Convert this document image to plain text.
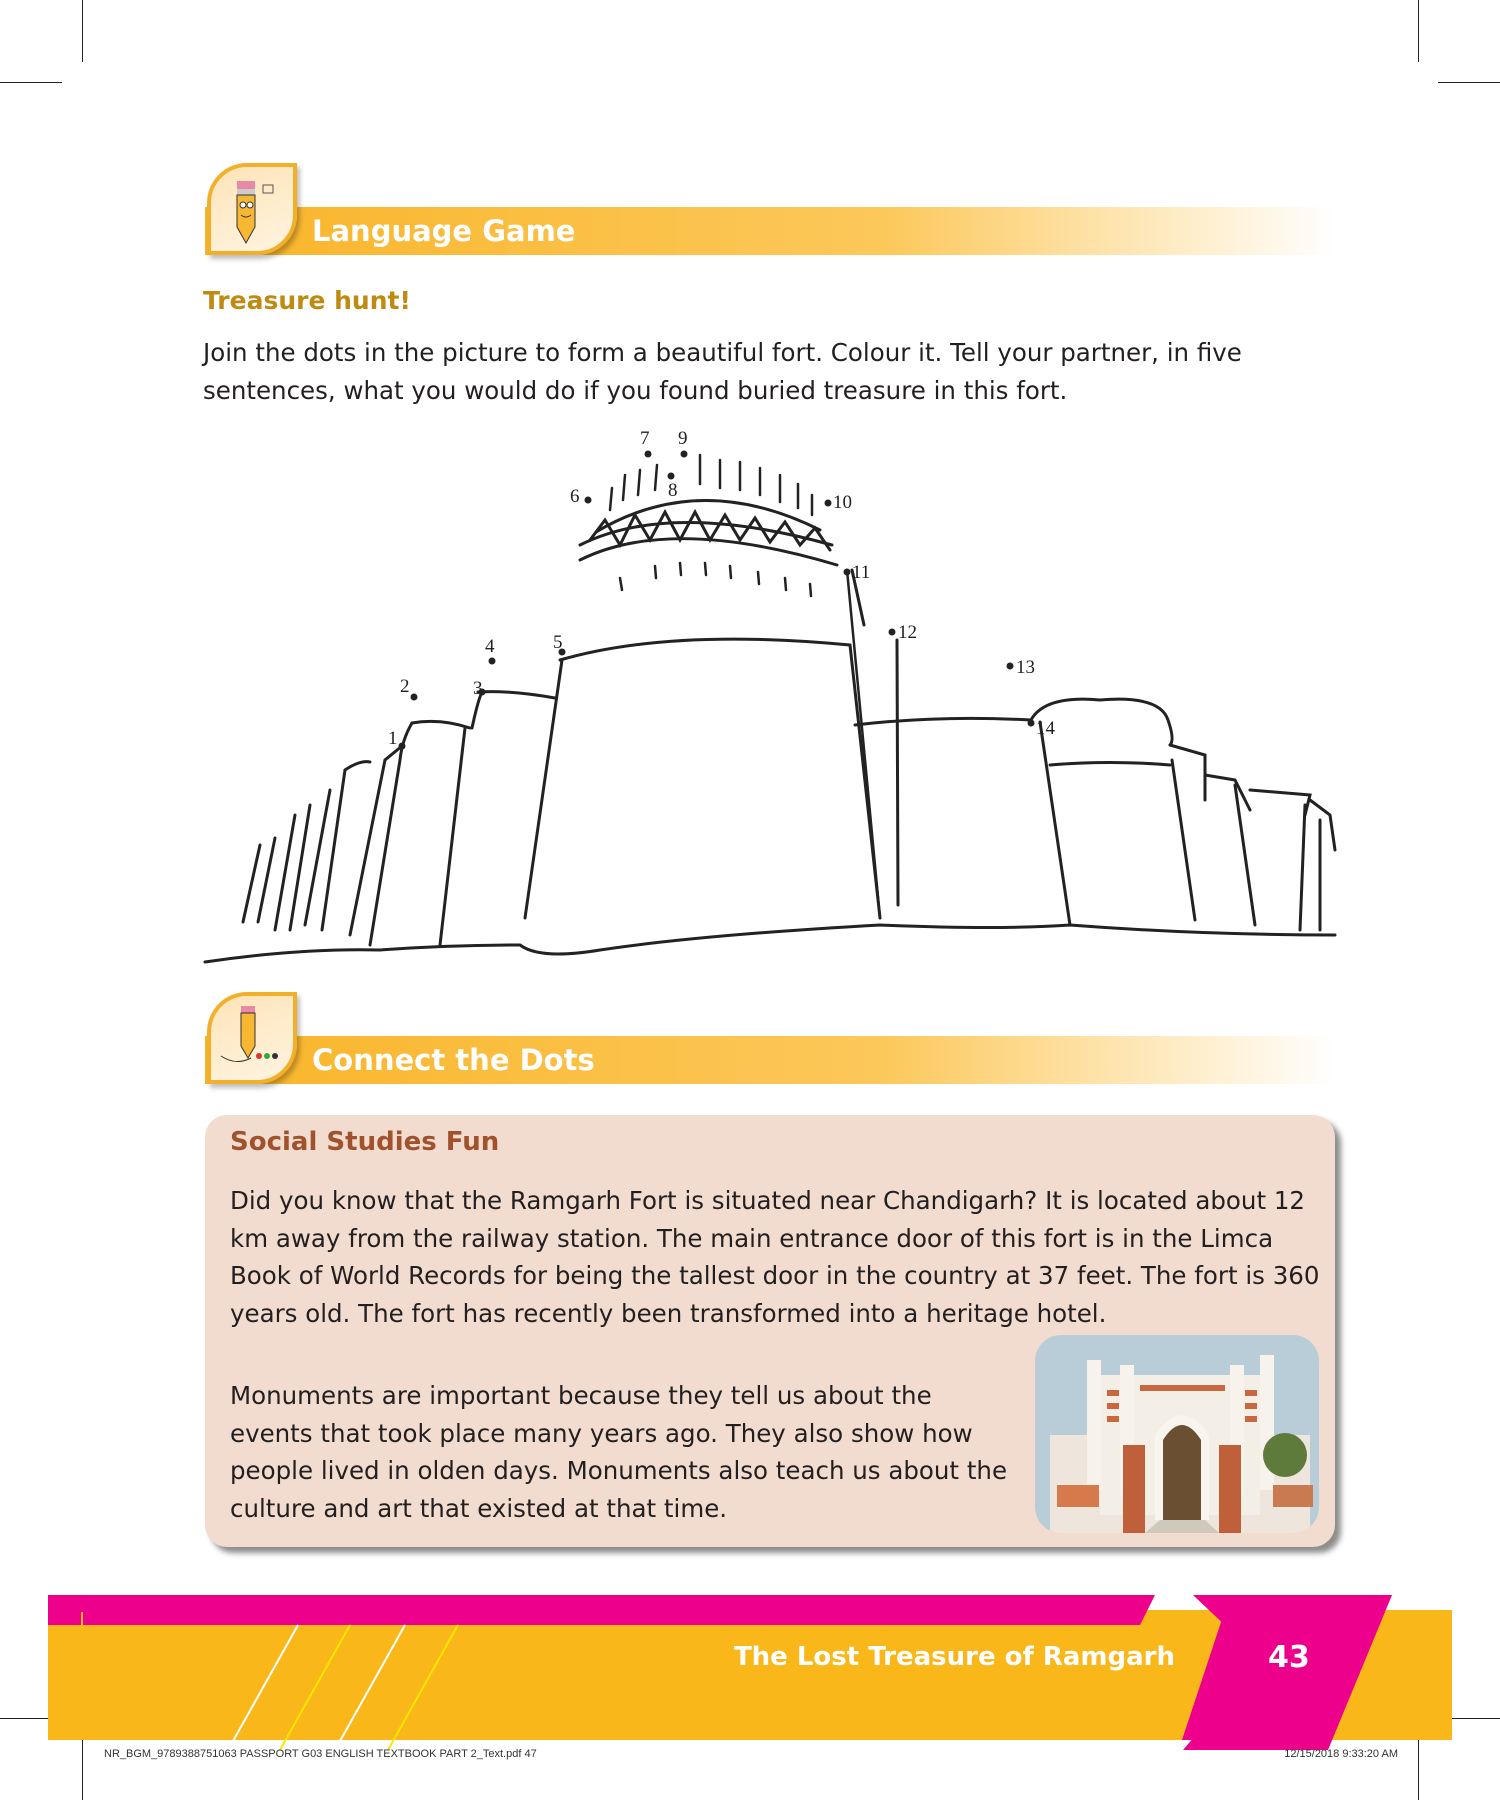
Language Game
Treasure hunt!
Join the dots in the picture to form a beautiful fort. Colour it. Tell your partner, in five sentences, what you would do if you found buried treasure in this fort.
1
2	3
4	5
6
7
8
9
10
11
12
13
14
Connect the Dots
Social Studies Fun
Did you know that the Ramgarh Fort is situated near Chandigarh? It is located about 12 km away from the railway station. The main entrance door of this fort is in the Limca Book of World Records for being the tallest door in the country at 37 feet. The fort is 360 years old. The fort has recently been transformed into a heritage hotel.
Monuments are important because they tell us about the events that took place many years ago. They also show how people lived in olden days. Monuments also teach us about the culture and art that existed at that time.
The Lost Treasure of Ramgarh	43
NR_BGM_9789388751063 PASSPORT G03 ENGLISH TEXTBOOK PART 2_Text.pdf 47	12/15/2018 9:33:20 AM
